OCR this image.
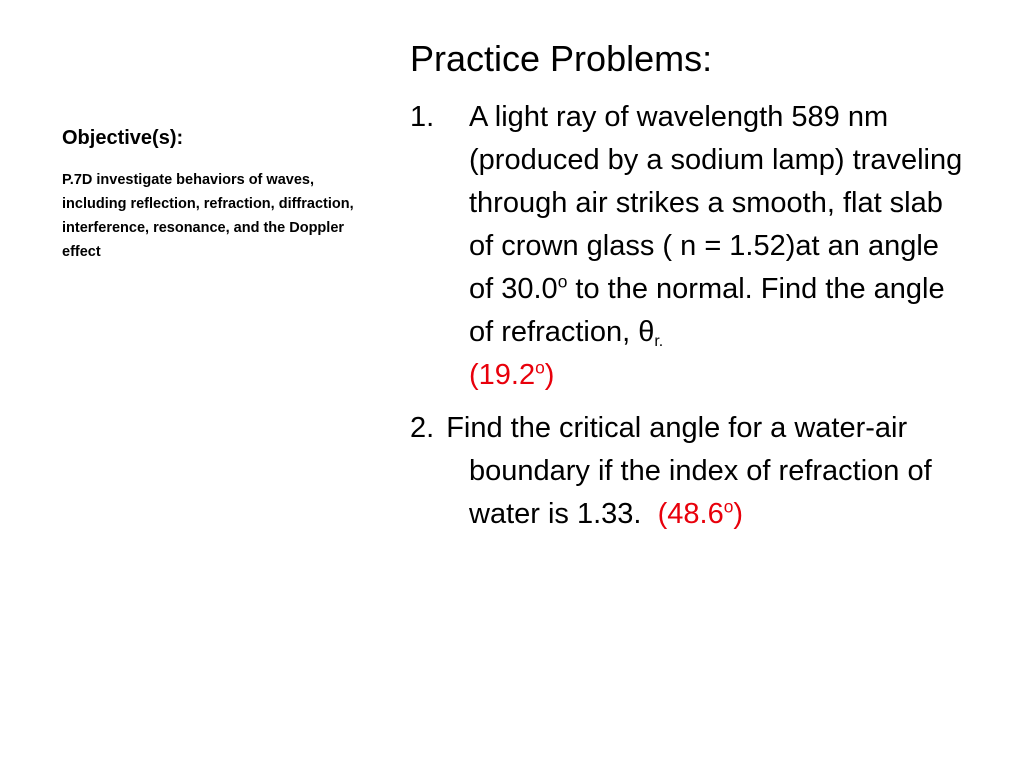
Objective(s):
P.7D investigate behaviors of waves, including reflection, refraction, diffraction, interference, resonance, and the Doppler effect
Practice Problems:
1.	A light ray of wavelength 589 nm (produced by a sodium lamp) traveling through air strikes a smooth, flat slab of crown glass ( n = 1.52)at an angle of 30.0$^o$ to the normal. Find the angle of refraction, $\theta_{r.}$
(19.2$^o$)
2. Find the critical angle for a water-air boundary if the index of refraction of water is 1.33. (48.6$^o$)
